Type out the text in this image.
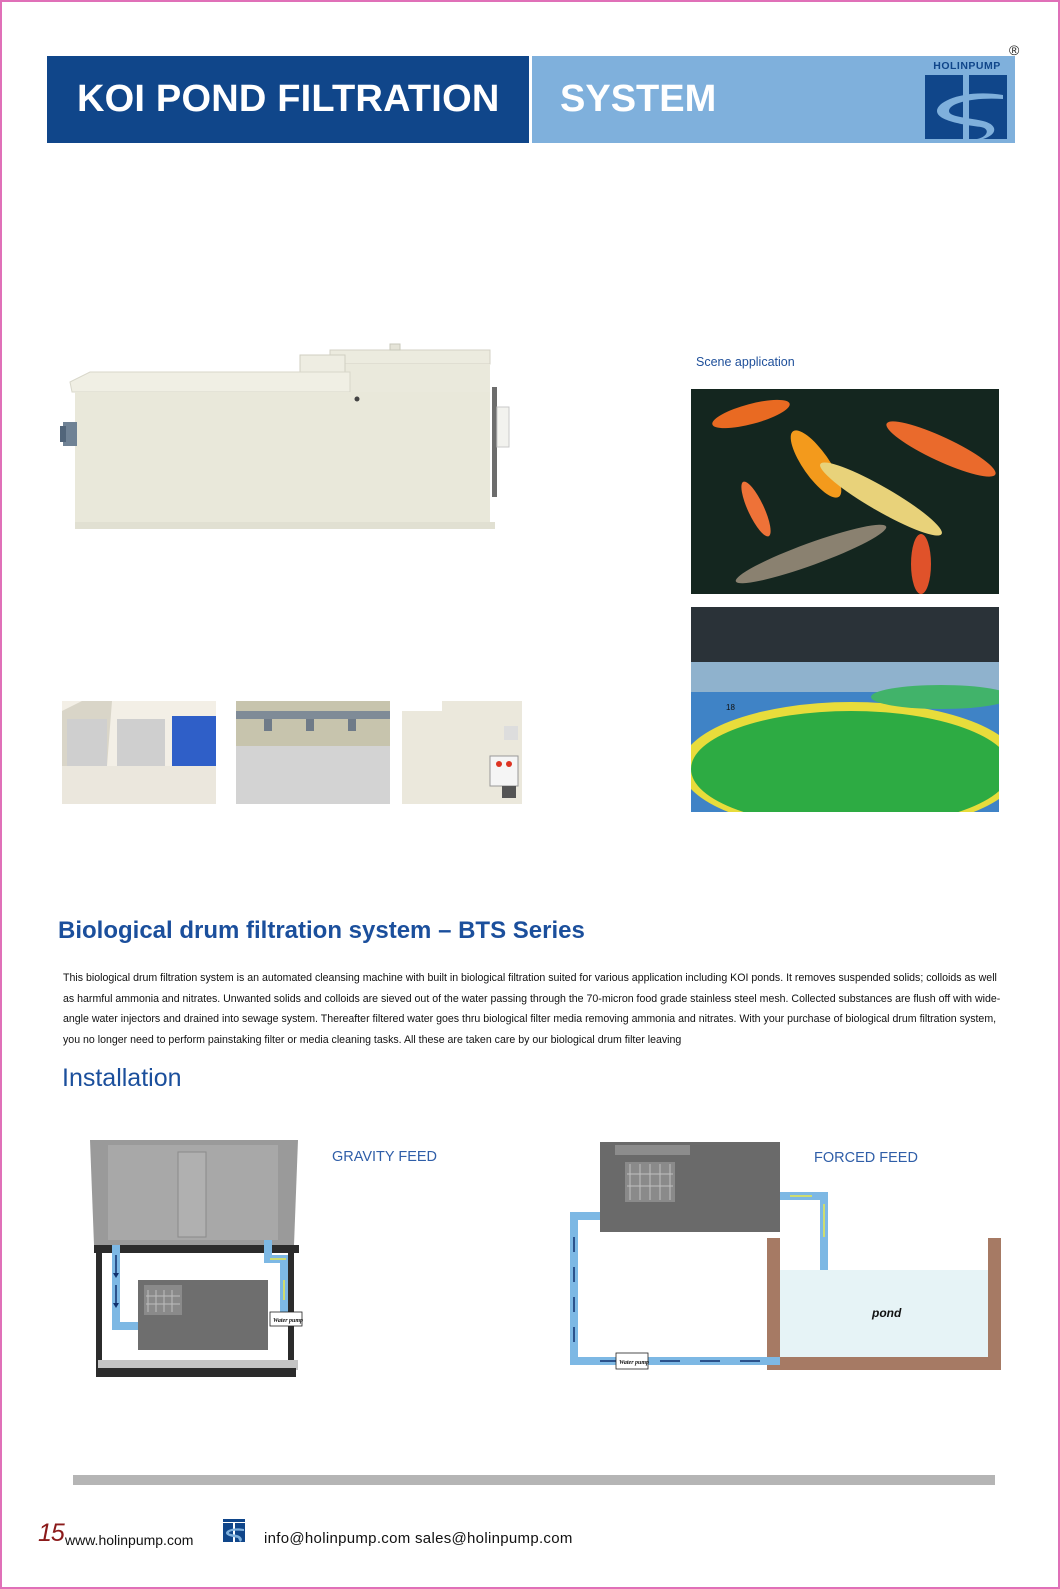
KOI POND FILTRATION SYSTEM
HOLINPUMP
®
Scene application
18
Biological drum filtration system – BTS Series
This biological drum filtration system is an automated cleansing machine with built in biological filtration suited for various application including KOI ponds. It removes suspended solids; colloids as well as harmful ammonia and nitrates. Unwanted solids and colloids are sieved out of the water passing through the 70-micron food grade stainless steel mesh. Collected substances are flush off with wide-angle water injectors and drained into sewage system. Thereafter filtered water goes thru biological filter media removing ammonia and nitrates. With your purchase of biological drum filtration system, you no longer need to perform painstaking filter or media cleaning tasks. All these are taken care by our biological drum filter leaving
Installation
Water pump
GRAVITY FEED
pond
Water pump
FORCED FEED
15 www.holinpump.com	info@holinpump.com sales@holinpump.com
